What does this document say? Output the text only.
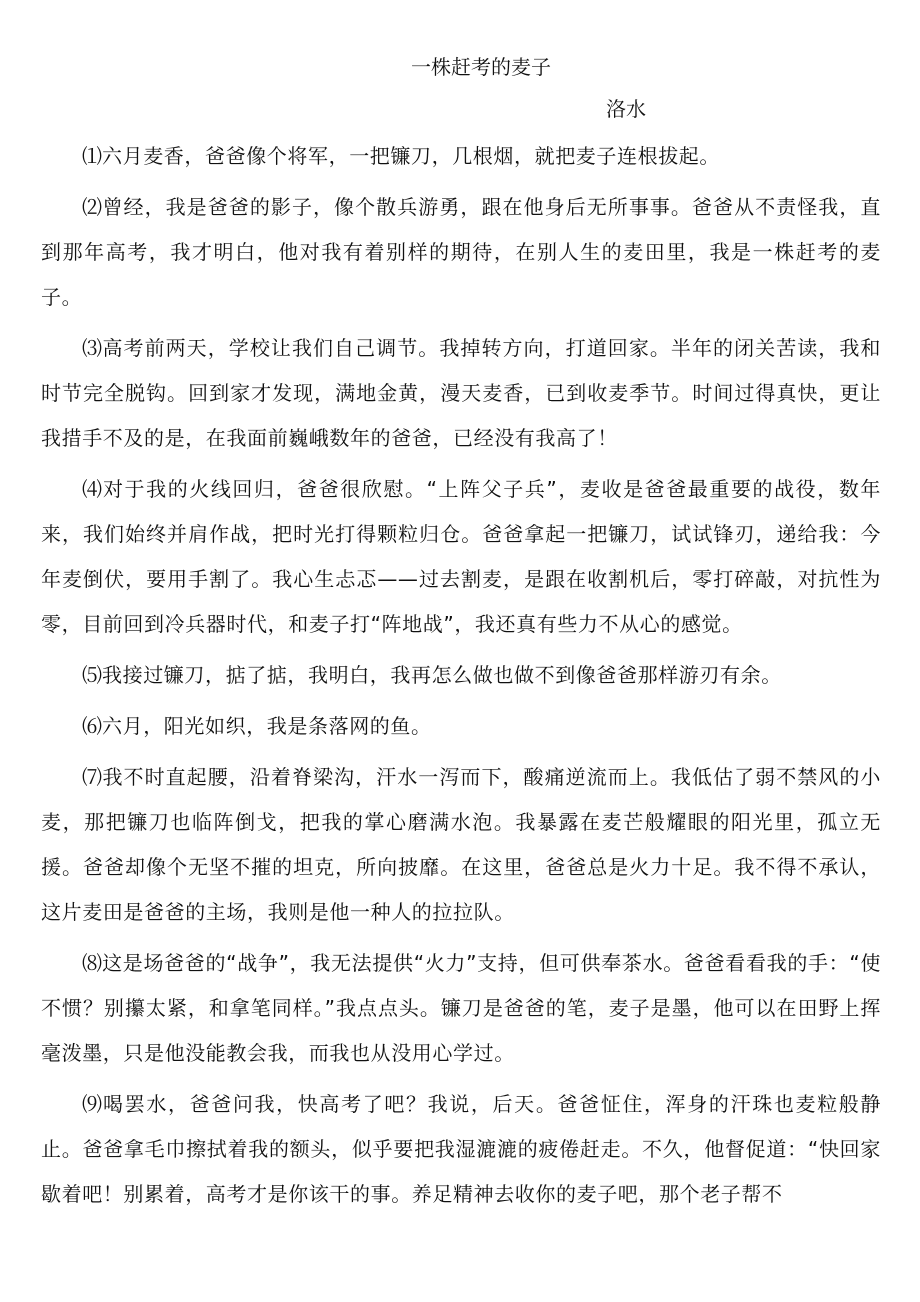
一株赶考的麦子
洛水

⑴六月麦香，爸爸像个将军，一把镰刀，几根烟，就把麦子连根拔起。

⑵曾经，我是爸爸的影子，像个散兵游勇，跟在他身后无所事事。爸爸从不责怪我，直到那年高考，我才明白，他对我有着别样的期待，在别人生的麦田里，我是一株赶考的麦子。

⑶高考前两天，学校让我们自己调节。我掉转方向，打道回家。半年的闭关苦读，我和时节完全脱钩。回到家才发现，满地金黄，漫天麦香，已到收麦季节。时间过得真快，更让我措手不及的是，在我面前巍峨数年的爸爸，已经没有我高了！

⑷对于我的火线回归，爸爸很欣慰。“上阵父子兵”，麦收是爸爸最重要的战役，数年来，我们始终并肩作战，把时光打得颗粒归仓。爸爸拿起一把镰刀，试试锋刃，递给我：今年麦倒伏，要用手割了。我心生忐忑——过去割麦，是跟在收割机后，零打碎敲，对抗性为零，目前回到冷兵器时代，和麦子打“阵地战”，我还真有些力不从心的感觉。

⑸我接过镰刀，掂了掂，我明白，我再怎么做也做不到像爸爸那样游刃有余。

⑹六月，阳光如织，我是条落网的鱼。

⑺我不时直起腰，沿着脊梁沟，汗水一泻而下，酸痛逆流而上。我低估了弱不禁风的小麦，那把镰刀也临阵倒戈，把我的掌心磨满水泡。我暴露在麦芒般耀眼的阳光里，孤立无援。爸爸却像个无坚不摧的坦克，所向披靡。在这里，爸爸总是火力十足。我不得不承认，这片麦田是爸爸的主场，我则是他一种人的拉拉队。

⑻这是场爸爸的“战争”，我无法提供“火力”支持，但可供奉茶水。爸爸看看我的手：“使不惯？别攥太紧，和拿笔同样。”我点点头。镰刀是爸爸的笔，麦子是墨，他可以在田野上挥毫泼墨，只是他没能教会我，而我也从没用心学过。

⑼喝罢水，爸爸问我，快高考了吧？我说，后天。爸爸怔住，浑身的汗珠也麦粒般静止。爸爸拿毛巾擦拭着我的额头，似乎要把我湿漉漉的疲倦赶走。不久，他督促道：“快回家歇着吧！别累着，高考才是你该干的事。养足精神去收你的麦子吧，那个老子帮不
